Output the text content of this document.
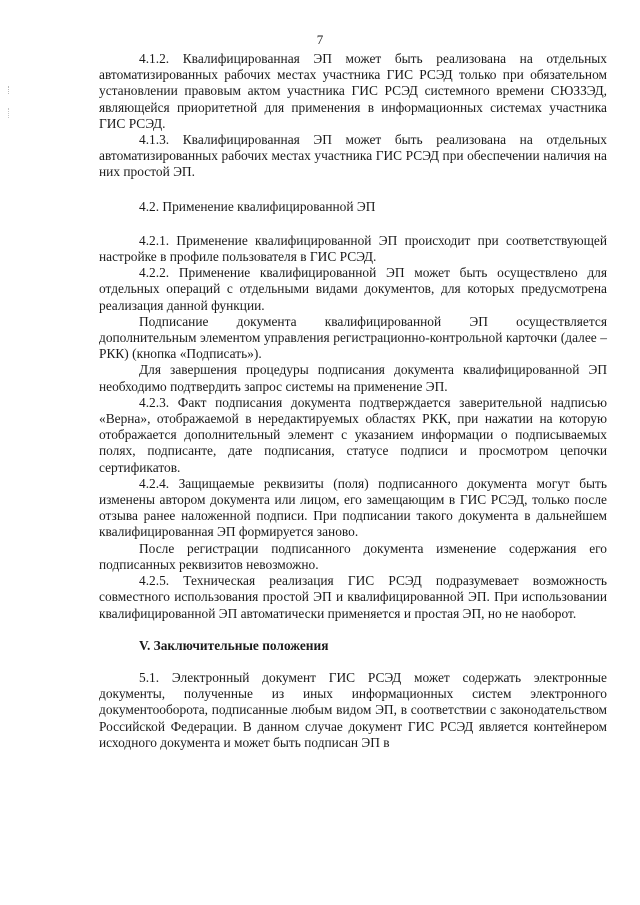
7

4.1.2. Квалифицированная ЭП может быть реализована на отдельных автоматизированных рабочих местах участника ГИС РСЭД только при обязательном установлении правовым актом участника ГИС РСЭД системного времени СЮЗЗЭД, являющейся приоритетной для применения в информационных системах участника ГИС РСЭД.

4.1.3. Квалифицированная ЭП может быть реализована на отдельных автоматизированных рабочих местах участника ГИС РСЭД при обеспечении наличия на них простой ЭП.

4.2. Применение квалифицированной ЭП

4.2.1. Применение квалифицированной ЭП происходит при соответствующей настройке в профиле пользователя в ГИС РСЭД.

4.2.2. Применение квалифицированной ЭП может быть осуществлено для отдельных операций с отдельными видами документов, для которых предусмотрена реализация данной функции.

Подписание документа квалифицированной ЭП осуществляется дополнительным элементом управления регистрационно-контрольной карточки (далее – РКК) (кнопка «Подписать»).

Для завершения процедуры подписания документа квалифицированной ЭП необходимо подтвердить запрос системы на применение ЭП.

4.2.3. Факт подписания документа подтверждается заверительной надписью «Верна», отображаемой в нередактируемых областях РКК, при нажатии на которую отображается дополнительный элемент с указанием информации о подписываемых полях, подписанте, дате подписания, статусе подписи и просмотром цепочки сертификатов.

4.2.4. Защищаемые реквизиты (поля) подписанного документа могут быть изменены автором документа или лицом, его замещающим в ГИС РСЭД, только после отзыва ранее наложенной подписи. При подписании такого документа в дальнейшем квалифицированная ЭП формируется заново.

После регистрации подписанного документа изменение содержания его подписанных реквизитов невозможно.

4.2.5. Техническая реализация ГИС РСЭД подразумевает возможность совместного использования простой ЭП и квалифицированной ЭП. При использовании квалифицированной ЭП автоматически применяется и простая ЭП, но не наоборот.

V. Заключительные положения

5.1. Электронный документ ГИС РСЭД может содержать электронные документы, полученные из иных информационных систем электронного документооборота, подписанные любым видом ЭП, в соответствии с законодательством Российской Федерации. В данном случае документ ГИС РСЭД является контейнером исходного документа и может быть подписан ЭП в
